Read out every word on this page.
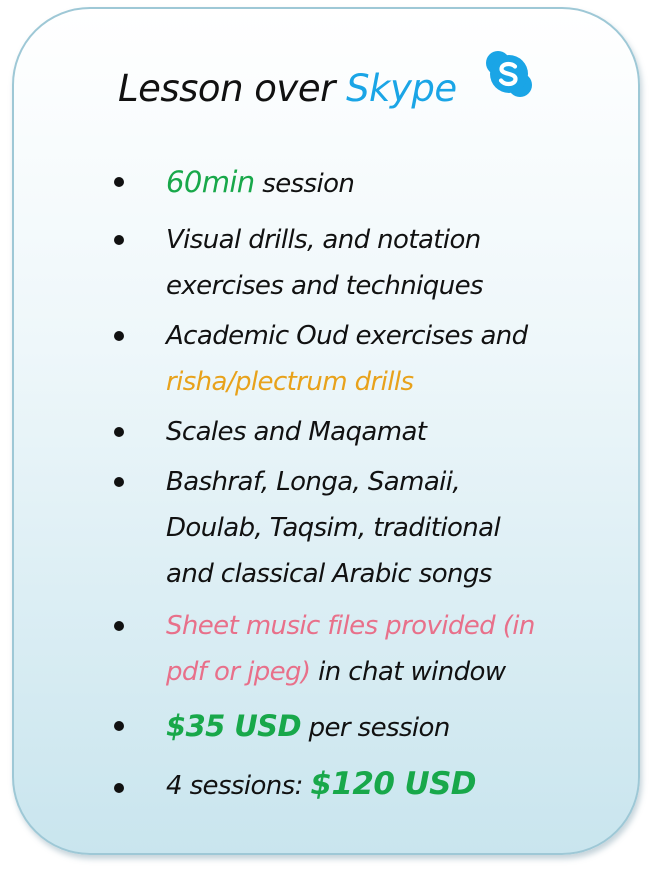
Lesson over Skype
60min session
Visual drills, and notation
exercises and techniques
Academic Oud exercises and
risha/plectrum drills
Scales and Maqamat
Bashraf, Longa, Samaii,
Doulab, Taqsim, traditional
and classical Arabic songs
Sheet music files provided (in
pdf or jpeg) in chat window
$35 USD per session
4 sessions: $120 USD
